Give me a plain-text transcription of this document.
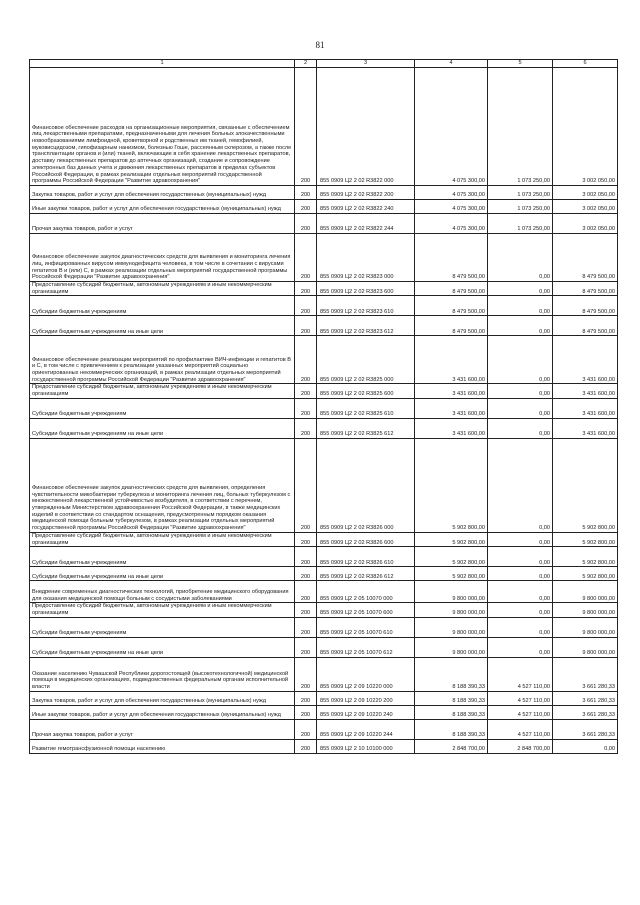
81
1	2	3	4	5	6
Финансовое обеспечение расходов на организационные мероприятия, связанные с обеспечением лиц лекарственными препаратами, предназначенными для лечения больных злокачественными новообразованиями лимфоидной, кроветворной и родственных им тканей, гемофилией, муковисцидозом, гипофизарным нанизмом, болезнью Гоше, рассеянным склерозом, а также после трансплантации органов и (или) тканей, включающие в себя хранение лекарственных препаратов, доставку лекарственных препаратов до аптечных организаций, создание и сопровождение электронных баз данных учета и движения лекарственных препаратов в пределах субъектов Российской Федерации, в рамках реализации отдельных мероприятий государственной программы Российской Федерации "Развитие здравоохранения"	200	855 0909 Ц2 2 02 R3822 000	4 075 300,00	1 073 250,00	3 002 050,00
Закупка товаров, работ и услуг для обеспечения государственных (муниципальных) нужд	200	855 0909 Ц2 2 02 R3822 200	4 075 300,00	1 073 250,00	3 002 050,00
Иные закупки товаров, работ и услуг для обеспечения государственных (муниципальных) нужд	200	855 0909 Ц2 2 02 R3822 240	4 075 300,00	1 073 250,00	3 002 050,00
Прочая закупка товаров, работ и услуг	200	855 0909 Ц2 2 02 R3822 244	4 075 300,00	1 073 250,00	3 002 050,00
Финансовое обеспечение закупок диагностических средств для выявления и мониторинга лечения лиц, инфицированных вирусом иммунодефицита человека, в том числе в сочетании с вирусами гепатитов В и (или) С, в рамках реализации отдельных мероприятий государственной программы Российской Федерации "Развитие здравоохранения"	200	855 0909 Ц2 2 02 R3823 000	8 479 500,00	0,00	8 479 500,00
Предоставление субсидий бюджетным, автономным учреждениям и иным некоммерческим организациям	200	855 0909 Ц2 2 02 R3823 600	8 479 500,00	0,00	8 479 500,00
Субсидии бюджетным учреждениям	200	855 0909 Ц2 2 02 R3823 610	8 479 500,00	0,00	8 479 500,00
Субсидии бюджетным учреждениям на иные цели	200	855 0909 Ц2 2 02 R3823 612	8 479 500,00	0,00	8 479 500,00
Финансовое обеспечение реализации мероприятий по профилактике ВИЧ-инфекции и гепатитов В и С, в том числе с привлечением к реализации указанных мероприятий социально ориентированных некоммерческих организаций, в рамках реализации отдельных мероприятий государственной программы Российской Федерации "Развитие здравоохранения"	200	855 0909 Ц2 2 02 R3825 000	3 431 600,00	0,00	3 431 600,00
Предоставление субсидий бюджетным, автономным учреждениям и иным некоммерческим организациям	200	855 0909 Ц2 2 02 R3825 600	3 431 600,00	0,00	3 431 600,00
Субсидии бюджетным учреждениям	200	855 0909 Ц2 2 02 R3825 610	3 431 600,00	0,00	3 431 600,00
Субсидии бюджетным учреждениям на иные цели	200	855 0909 Ц2 2 02 R3825 612	3 431 600,00	0,00	3 431 600,00
Финансовое обеспечение закупок диагностических средств для выявления, определения чувствительности микобактерии туберкулеза и мониторинга лечения лиц, больных туберкулезом с множественной лекарственной устойчивостью возбудителя, в соответствии с перечнем, утвержденным Министерством здравоохранения Российской Федерации, в также медицинских изделий в соответствии со стандартом оснащения, предусмотренным порядком оказания медицинской помощи больным туберкулезом, в рамках реализации отдельных мероприятий государственной программы Российской Федерации "Развитие здравоохранения"	200	855 0909 Ц2 2 02 R3826 000	5 902 800,00	0,00	5 902 800,00
Предоставление субсидий бюджетным, автономным учреждениям и иным некоммерческим организациям	200	855 0909 Ц2 2 02 R3826 600	5 902 800,00	0,00	5 902 800,00
Субсидии бюджетным учреждениям	200	855 0909 Ц2 2 02 R3826 610	5 902 800,00	0,00	5 902 800,00
Субсидии бюджетным учреждениям на иные цели	200	855 0909 Ц2 2 02 R3826 612	5 902 800,00	0,00	5 902 800,00
Внедрение современных диагностических технологий, приобретение медицинского оборудования для оказания медицинской помощи больным с сосудистыми заболеваниями	200	855 0909 Ц2 2 05 10070 000	9 800 000,00	0,00	9 800 000,00
Предоставление субсидий бюджетным, автономным учреждениям и иным некоммерческим организациям	200	855 0909 Ц2 2 05 10070 600	9 800 000,00	0,00	9 800 000,00
Субсидии бюджетным учреждениям	200	855 0909 Ц2 2 05 10070 610	9 800 000,00	0,00	9 800 000,00
Субсидии бюджетным учреждениям на иные цели	200	855 0909 Ц2 2 05 10070 612	9 800 000,00	0,00	9 800 000,00
Оказание населению Чувашской Республики дорогостоящей (высокотехнологичной) медицинской помощи в медицинских организациях, подведомственных федеральным органам исполнительной власти	200	855 0909 Ц2 2 09 10220 000	8 188 390,33	4 527 110,00	3 661 280,33
Закупка товаров, работ и услуг для обеспечения государственных (муниципальных) нужд	200	855 0909 Ц2 2 09 10220 200	8 188 390,33	4 527 110,00	3 661 280,33
Иные закупки товаров, работ и услуг для обеспечения государственных (муниципальных) нужд	200	855 0909 Ц2 2 09 10220 240	8 188 390,33	4 527 110,00	3 661 280,33
Прочая закупка товаров, работ и услуг	200	855 0909 Ц2 2 09 10220 244	8 188 390,33	4 527 110,00	3 661 280,33
Развитие гемотрансфузионной помощи населению	200	855 0909 Ц2 2 10 10100 000	2 848 700,00	2 848 700,00	0,00
